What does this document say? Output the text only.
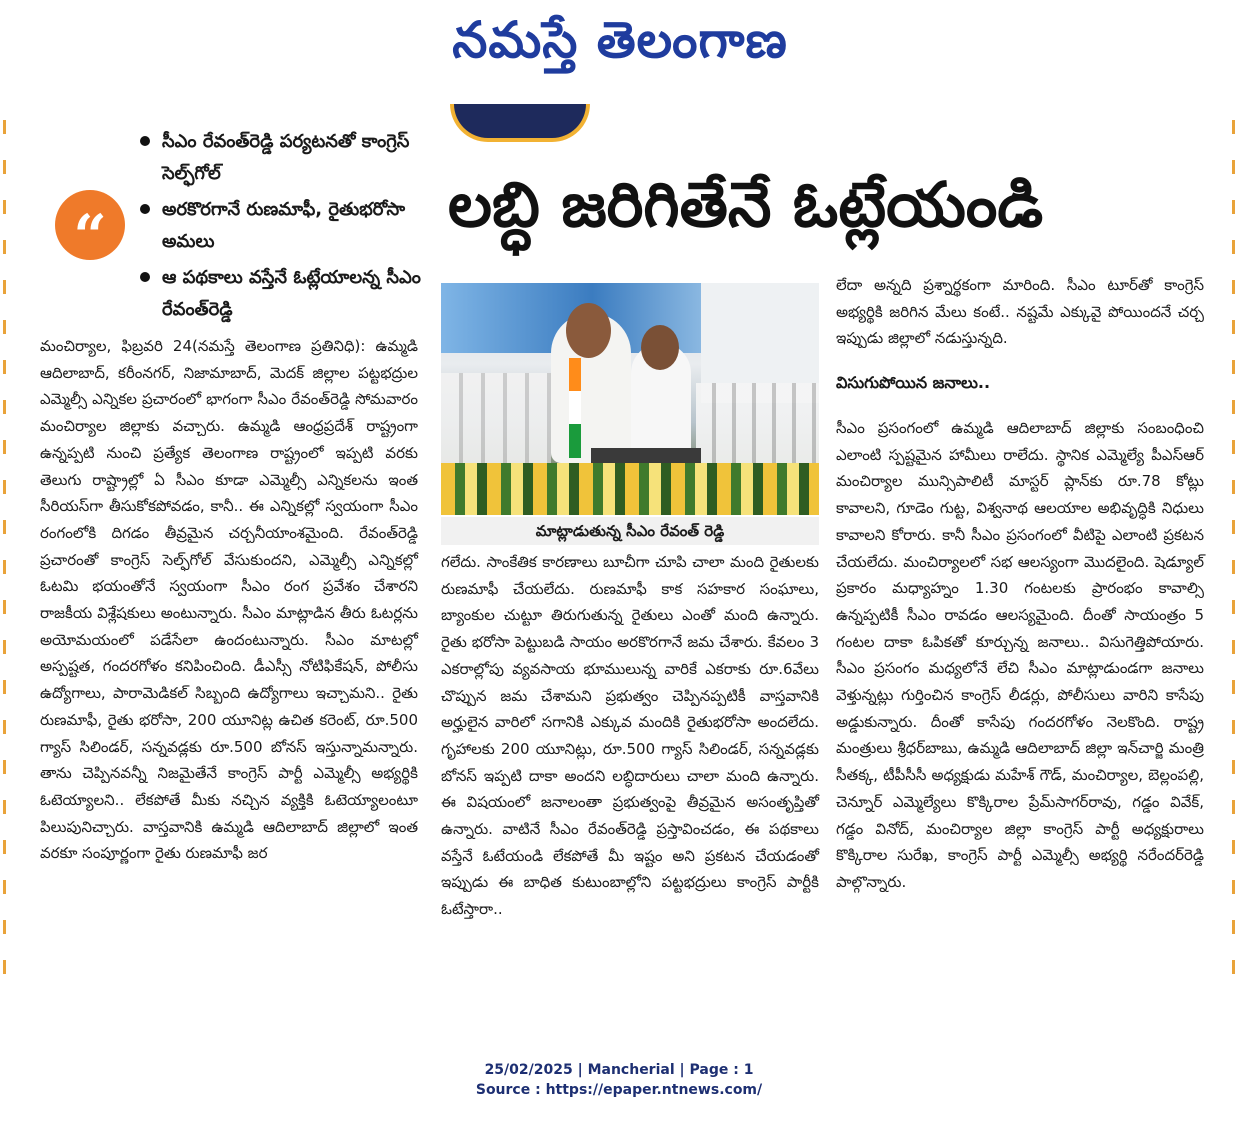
నమస్తే తెలంగాణ
“
సీఎం రేవంత్‌రెడ్డి పర్యటనతో కాంగ్రెస్‌ సెల్ఫ్‌గోల్‌
అరకొరగానే రుణమాఫీ, రైతుభరోసా అమలు
ఆ పథకాలు వస్తేనే ఓట్లేయాలన్న సీఎం రేవంత్‌రెడ్డి
లబ్ధి జరిగితేనే ఓట్లేయండి
మాట్లాడుతున్న సీఎం రేవంత్‌ రెడ్డి
మంచిర్యాల, ఫిబ్రవరి 24(నమస్తే తెలంగాణ ప్రతినిధి): ఉమ్మడి ఆదిలాబాద్‌, కరీంనగర్‌, నిజామాబాద్‌, మెదక్‌ జిల్లాల పట్టభద్రుల ఎమ్మెల్సీ ఎన్నికల ప్రచారంలో భాగంగా సీఎం రేవంత్‌రెడ్డి సోమవారం మంచిర్యాల జిల్లాకు వచ్చారు. ఉమ్మడి ఆంధ్రప్రదేశ్‌ రాష్ట్రంగా ఉన్నప్పటి నుంచి ప్రత్యేక తెలంగాణ రాష్ట్రంలో ఇప్పటి వరకు తెలుగు రాష్ట్రాల్లో ఏ సీఎం కూడా ఎమ్మెల్సీ ఎన్నికలను ఇంత సీరియస్‌గా తీసుకోకపోవడం, కానీ.. ఈ ఎన్నికల్లో స్వయంగా సీఎం రంగంలోకి దిగడం తీవ్రమైన చర్చనీయాంశమైంది. రేవంత్‌రెడ్డి ప్రచారంతో కాంగ్రెస్‌ సెల్ఫ్‌గోల్‌ వేసుకుందని, ఎమ్మెల్సీ ఎన్నికల్లో ఓటమి భయంతోనే స్వయంగా సీఎం రంగ ప్రవేశం చేశారని రాజకీయ విశ్లేషకులు అంటున్నారు. సీఎం మాట్లాడిన తీరు ఓటర్లను అయోమయంలో పడేసేలా ఉందంటున్నారు. సీఎం మాటల్లో అస్పష్టత, గందరగోళం కనిపించింది. డీఎస్సీ నోటిఫికేషన్‌, పోలీసు ఉద్యోగాలు, పారామెడికల్‌ సిబ్బంది ఉద్యోగాలు ఇచ్చామని.. రైతు రుణమాఫీ, రైతు భరోసా, 200 యూనిట్ల ఉచిత కరెంట్‌, రూ.500 గ్యాస్‌ సిలిండర్‌, సన్నవడ్లకు రూ.500 బోనస్‌ ఇస్తున్నామన్నారు. తాను చెప్పినవన్నీ నిజమైతేనే కాంగ్రెస్‌ పార్టీ ఎమ్మెల్సీ అభ్యర్థికి ఓటెయ్యాలని.. లేకపోతే మీకు నచ్చిన వ్యక్తికి ఓటెయ్యాలంటూ పిలుపునిచ్చారు. వాస్తవానికి ఉమ్మడి ఆదిలాబాద్‌ జిల్లాలో ఇంత వరకూ సంపూర్ణంగా రైతు రుణమాఫీ జర
గలేదు. సాంకేతిక కారణాలు బూచీగా చూపి చాలా మంది రైతులకు రుణమాఫీ చేయలేదు. రుణమాఫీ కాక సహకార సంఘాలు, బ్యాంకుల చుట్టూ తిరుగుతున్న రైతులు ఎంతో మంది ఉన్నారు. రైతు భరోసా పెట్టుబడి సాయం అరకొరగానే జమ చేశారు. కేవలం 3 ఎకరాల్లోపు వ్యవసాయ భూములున్న వారికే ఎకరాకు రూ.6వేలు చొప్పున జమ చేశామని ప్రభుత్వం చెప్పినప్పటికీ వాస్తవానికి అర్హులైన వారిలో సగానికి ఎక్కువ మందికి రైతుభరోసా అందలేదు. గృహాలకు 200 యూనిట్లు, రూ.500 గ్యాస్‌ సిలిండర్‌, సన్నవడ్లకు బోనస్‌ ఇప్పటి దాకా అందని లబ్ధిదారులు చాలా మంది ఉన్నారు. ఈ విషయంలో జనాలంతా ప్రభుత్వంపై తీవ్రమైన అసంతృప్తితో ఉన్నారు. వాటినే సీఎం రేవంత్‌రెడ్డి ప్రస్తావించడం, ఈ పథకాలు వస్తేనే ఓటేయండి లేకపోతే మీ ఇష్టం అని ప్రకటన చేయడంతో ఇప్పుడు ఈ బాధిత కుటుంబాల్లోని పట్టభద్రులు కాంగ్రెస్‌ పార్టీకి ఓటేస్తారా..
లేదా అన్నది ప్రశ్నార్థకంగా మారింది. సీఎం టూర్‌తో కాంగ్రెస్‌ అభ్యర్థికి జరిగిన మేలు కంటే.. నష్టమే ఎక్కువై పోయిందనే చర్చ ఇప్పుడు జిల్లాలో నడుస్తున్నది.
విసుగుపోయిన జనాలు..
సీఎం ప్రసంగంలో ఉమ్మడి ఆదిలాబాద్‌ జిల్లాకు సంబంధించి ఎలాంటి స్పష్టమైన హామీలు రాలేదు. స్థానిక ఎమ్మెల్యే పీఎస్‌ఆర్‌ మంచిర్యాల మున్సిపాలిటీ మాస్టర్‌ ప్లాన్‌కు రూ.78 కోట్లు కావాలని, గూడెం గుట్ట, విశ్వనాథ ఆలయాల అభివృద్ధికి నిధులు కావాలని కోరారు. కానీ సీఎం ప్రసంగంలో వీటిపై ఎలాంటి ప్రకటన చేయలేదు. మంచిర్యాలలో సభ ఆలస్యంగా మొదలైంది. షెడ్యూల్‌ ప్రకారం మధ్యాహ్నం 1.30 గంటలకు ప్రారంభం కావాల్సి ఉన్నప్పటికీ సీఎం రావడం ఆలస్యమైంది. దీంతో సాయంత్రం 5 గంటల దాకా ఓపికతో కూర్చున్న జనాలు.. విసుగెత్తిపోయారు. సీఎం ప్రసంగం మధ్యలోనే లేచి సీఎం మాట్లాడుండగా జనాలు వెళ్తున్నట్లు గుర్తించిన కాంగ్రెస్‌ లీడర్లు, పోలీసులు వారిని కాసేపు అడ్డుకున్నారు. దీంతో కాసేపు గందరగోళం నెలకొంది. రాష్ట్ర మంత్రులు శ్రీధర్‌బాబు, ఉమ్మడి ఆదిలాబాద్‌ జిల్లా ఇన్‌చార్జి మంత్రి సీతక్క, టీపీసీసీ అధ్యక్షుడు మహేశ్‌ గౌడ్‌, మంచిర్యాల, బెల్లంపల్లి, చెన్నూర్‌ ఎమ్మెల్యేలు కొక్కిరాల ప్రేమ్‌సాగర్‌రావు, గడ్డం వివేక్‌, గడ్డం వినోద్‌, మంచిర్యాల జిల్లా కాంగ్రెస్‌ పార్టీ అధ్యక్షురాలు కొక్కిరాల సురేఖ, కాంగ్రెస్‌ పార్టీ ఎమ్మెల్సీ అభ్యర్థి నరేందర్‌రెడ్డి పాల్గొన్నారు.
25/02/2025 | Mancherial | Page : 1
Source : https://epaper.ntnews.com/
